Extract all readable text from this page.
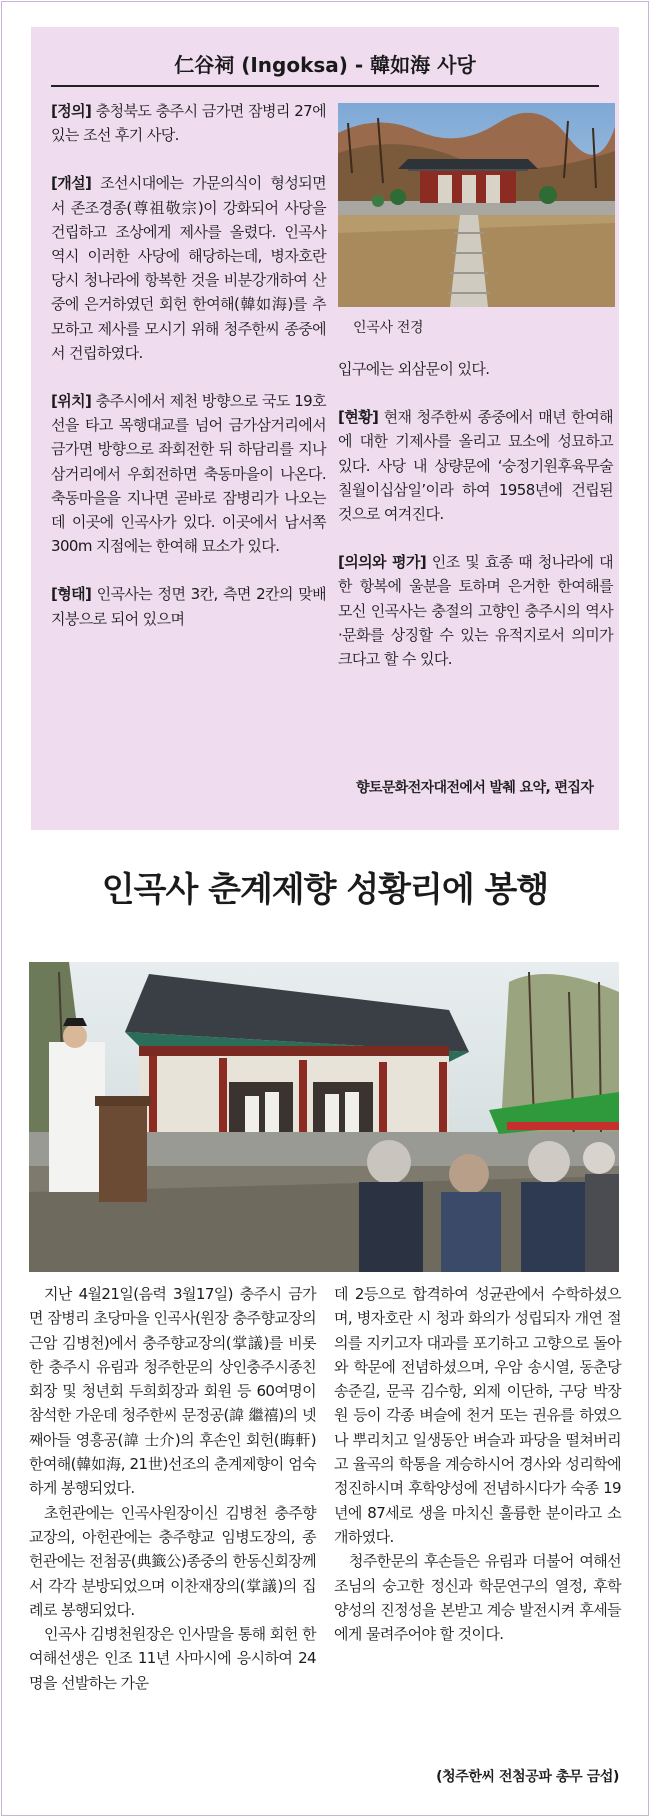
仁谷祠 (Ingoksa) - 韓如海 사당

[정의] 충청북도 충주시 금가면 잠병리 27에 있는 조선 후기 사당.

[개설] 조선시대에는 가문의식이 형성되면서 존조경종(尊祖敬宗)이 강화되어 사당을 건립하고 조상에게 제사를 올렸다. 인곡사 역시 이러한 사당에 해당하는데, 병자호란 당시 청나라에 항복한 것을 비분강개하여 산중에 은거하였던 회헌 한여해(韓如海)를 추모하고 제사를 모시기 위해 청주한씨 종중에서 건립하였다.

[위치] 충주시에서 제천 방향으로 국도 19호선을 타고 목행대교를 넘어 금가삼거리에서 금가면 방향으로 좌회전한 뒤 하담리를 지나 삼거리에서 우회전하면 축동마을이 나온다. 축동마을을 지나면 곧바로 잠병리가 나오는데 이곳에 인곡사가 있다. 이곳에서 남서쪽 300m 지점에는 한여해 묘소가 있다.

[형태] 인곡사는 정면 3칸, 측면 2칸의 맞배지붕으로 되어 있으며

인곡사 전경

입구에는 외삼문이 있다.

[현황] 현재 청주한씨 종중에서 매년 한여해에 대한 기제사를 올리고 묘소에 성묘하고 있다. 사당 내 상량문에 ‘숭정기원후육무술칠월이십삼일’이라 하여 1958년에 건립된 것으로 여겨진다.

[의의와 평가] 인조 및 효종 때 청나라에 대한 항복에 울분을 토하며 은거한 한여해를 모신 인곡사는 충절의 고향인 충주시의 역사·문화를 상징할 수 있는 유적지로서 의미가 크다고 할 수 있다.

향토문화전자대전에서 발췌 요약, 편집자
인곡사 춘계제향 성황리에 봉행

지난 4월21일(음력 3월17일) 충주시 금가면 잠병리 초당마을 인곡사(원장 충주향교장의 근암 김병천)에서 충주향교장의(掌議)를 비롯한 충주시 유림과 청주한문의 상인충주시종친회장 및 청년회 두희회장과 회원 등 60여명이 참석한 가운데 청주한씨 문정공(諱 繼禧)의 넷째아들 영흥공(諱 士介)의 후손인 회헌(晦軒) 한여해(韓如海, 21世)선조의 춘계제향이 엄숙하게 봉행되었다.

초헌관에는 인곡사원장이신 김병천 충주향교장의, 아헌관에는 충주향교 임병도장의, 종헌관에는 전첨공(典籤公)종중의 한동신회장께서 각각 분방되었으며 이찬재장의(掌議)의 집례로 봉행되었다.

인곡사 김병천원장은 인사말을 통해 회헌 한여해선생은 인조 11년 사마시에 응시하여 24명을 선발하는 가운

데 2등으로 합격하여 성균관에서 수학하셨으며, 병자호란 시 청과 화의가 성립되자 개연 절의를 지키고자 대과를 포기하고 고향으로 돌아와 학문에 전념하셨으며, 우암 송시열, 동춘당 송준길, 문곡 김수항, 외제 이단하, 구당 박장원 등이 각종 벼슬에 천거 또는 권유를 하였으나 뿌리치고 일생동안 벼슬과 파당을 떨쳐버리고 율곡의 학통을 계승하시어 경사와 성리학에 정진하시며 후학양성에 전념하시다가 숙종 19년에 87세로 생을 마치신 훌륭한 분이라고 소개하였다.

청주한문의 후손들은 유림과 더불어 여해선조님의 숭고한 정신과 학문연구의 열정, 후학양성의 진정성을 본받고 계승 발전시켜 후세들에게 물려주어야 할 것이다.

(청주한씨 전첨공파 총무 금섭)
